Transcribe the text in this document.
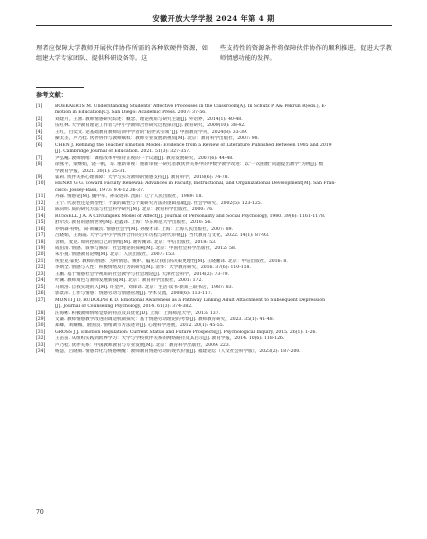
安徽开放大学学报 2024 年第 4 期
理者应保障大学教师开展伙伴协作所需的各种软硬件资源，如组建大学专家团队、提供科研设备等。这
些支持性的资源条件将保障伙伴协作的顺利推进，促进大学教师情感功能的发挥。
参考文献：
[1]	BOEKAERTS M. Understanding Students' Affective Processes in the Classroom[A]. In Schutz P A& Pekrun R(eds.), E-
motion in Education[C]. San Diego: Academic Press. 2007: 37-56.
[2]	刘建月，王蕾. 教师情感研究综述：概念、理论视角与研究主题[J]. 外语界，2014(1): 40-48.
[3]	伍红林. 大学教育理论工作者与中小学教师合作研究过程探讨[J]. 教育研究，2009(10): 38-42.
[4]	王红，白奕文. 论基础教育教师培训中学者的“陪伴式引领”[J]. 中国教育学刊，2024(8): 33-39.
[5]	操太圣，卢乃桂. 伙伴协作与教师赋权：教师专业发展新视角[M]. 北京：教育科学出版社，2007: 98.
[6]	CHEN J. Refining the Teacher Emotion Model: Evidence from a Review of Literature Published Between 1985 and 2019
[J]. Cambridge Journal of Education. 2021. 51(3): 327-357.
[7]	尹弘飚. 教师情绪：课程改革中亟待正视的一个议题[J]. 教育发展研究，2007(6): 44-48.
[8]	徐燕平，梁继娟，饶一帆，等. 重新审视：重新审视一研究者教伙伴关系中的中数学教学改进：以“一次函数”问题提出教学“为例[J]. 数
学教育学报，2021. 30(1): 25-31.
[9]	霍莉. 伙伴关系心理保障：大学与实习教师的情感支持[J]. 教育科学，2018(6): 74-78.
[10]	HENRY G G. Toward Faculty Renewal: Advances in Faculty, Instructional, and Organizational Development[M]. San Fran-
cisco: Jossey-Bass, 1973: 9.4-12.36-37.
[11]	丹森. 情感论[M]. 魏中军，孙安迹译. 沈阳：辽宁人民出版社，1989: 18.
[12]	王宁. 代表性还是典型性：个案的属性与个案研究方法的逻辑基础[J]. 社会学研究，2002(5): 123-125.
[13]	陈向明. 质的研究方法与社会科学研究[M]. 北京：教育科学出版社，2000: 76.
[14]	RUSSELL J A. A Circumplex Model of Affect[J]. Journal of Personality and Social Psychology, 1980. 39(6): 1161-1178.
[15]	舒尔茨. 教育的感情世界[M]. 赵鑫译. 上海：华东师范大学出版社，2010: 56.
[16]	乔纳森·特纳，简·斯戴茨. 情感社会学[M]. 孙俊才译. 上海：上海人民出版社，2007: 89.
[17]	吕晓娟，王海霞. 大学与中小学伙伴合作的百年历程与时代审视[J]. 当代教育与文化，2022. 14(1): 87-93.
[18]	舍勒，麦克. 如何控制自己的情绪[M]. 谢传刚译. 北京：中信出版社，2018: 53.
[19]	成伯清. 情感、叙事与修辞：社会理论的探索[M]. 北京：中国社会科学出版社，2012: 58.
[20]	朱小蔓. 情感教育论纲[M]. 北京：人民出版社，2007: 153.
[21]	埃里克·霍伦. 教师的情感：为何情怒、嫉妒、偏见让我们的决策更理性[M]. 王晓鹏译. 北京：中信出版社，2016: 8.
[22]	李炳全. 情感与人性：积极情绪及行为的研究[M]. 清华：大学教育研究，2016. 37(6): 110-118.
[23]	王鹏. 基于情感社会学视角的社会教学与社会理论[J]. 天津社会科学，2014(2): 73-79.
[24]	叶澜. 教师角色与教师发展新探[M]. 北京：教育科学出版社，2001: 172.
[25]	马斯洛. 自我实现的人[M]. 许金声，刘锋译. 北京：生活·读书·新知三联书店，1987: 83.
[26]	郭景萍. 工作与情感：情感劳动与情感管理[J]. 学术交流，2008(6): 113-117.
[27]	MONTI J D, RUDOLPH K D. Emotional Awareness as a Pathway Linking Adult Attachment to Subsequent Depression
[J]. Journal of Counseling Psychology, 2014. 61(3): 374-382.
[28]	汪海彬. 积极教师情绪觉察的特点及其优化[D]. 上海：上海师范大学，2013: 137.
[29]	文谦. 教师情感教学改进的调适机制探究：基于情感劳动理论的考察[J]. 教师教育研究，2023. 35(1): 41-48.
[30]	郑卿，刘耀娜，俞国良. 情绪调节方法述评[J]. 心理科学进展，2012. 20(1): 45-55.
[31]	GROSS J J. Emotion Regulation: Current Status and Future Prospects[J]. Psychological Inquiry, 2015. 26(1): 1-26.
[32]	王苗苗. 从组织实践到跨界学习：大学与学校伙伴关系的网络路径及其启示[J]. 教育学报，2014. 10(6): 118-126.
[33]	卢乃桂. 伙伴关系：中国教师教育与专业发展[M]. 北京：教育科学出版社，2009: 223.
[34]	杨慧，吕晓娟. 情感异化与情感唤醒：教师教育情感劳动的现代价值[J]. 福建论坛（人文社会科学版），2023(2): 187-200.
70
